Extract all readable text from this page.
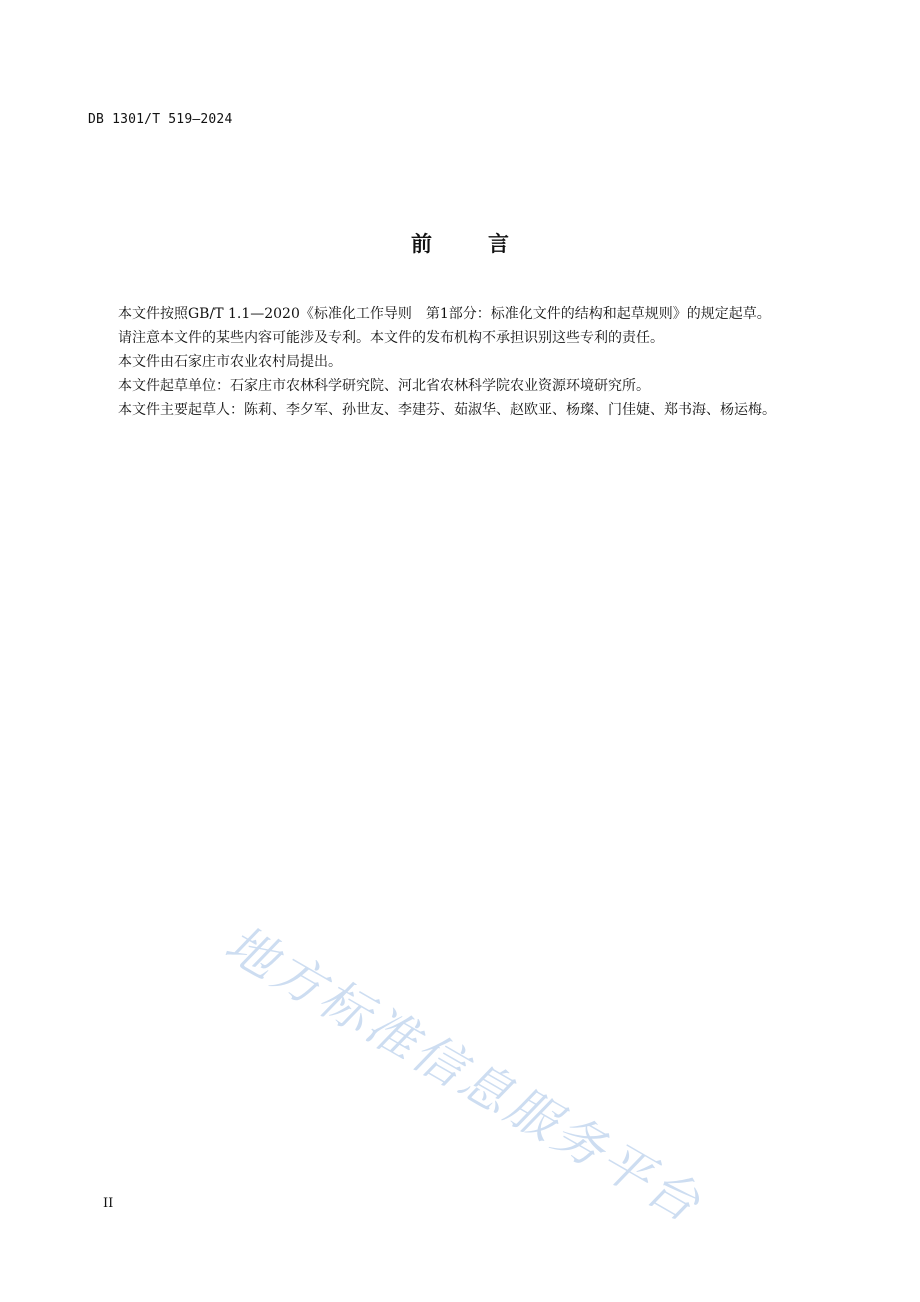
DB 1301/T 519—2024
前	言

本文件按照GB/T 1.1—2020《标准化工作导则　第1部分：标准化文件的结构和起草规则》的规定起草。

请注意本文件的某些内容可能涉及专利。本文件的发布机构不承担识别这些专利的责任。

本文件由石家庄市农业农村局提出。

本文件起草单位：石家庄市农林科学研究院、河北省农林科学院农业资源环境研究所。

本文件主要起草人：陈莉、李夕军、孙世友、李建芬、茹淑华、赵欧亚、杨璨、门佳婕、郑书海、杨运梅。

地方标准信息服务平台
II
